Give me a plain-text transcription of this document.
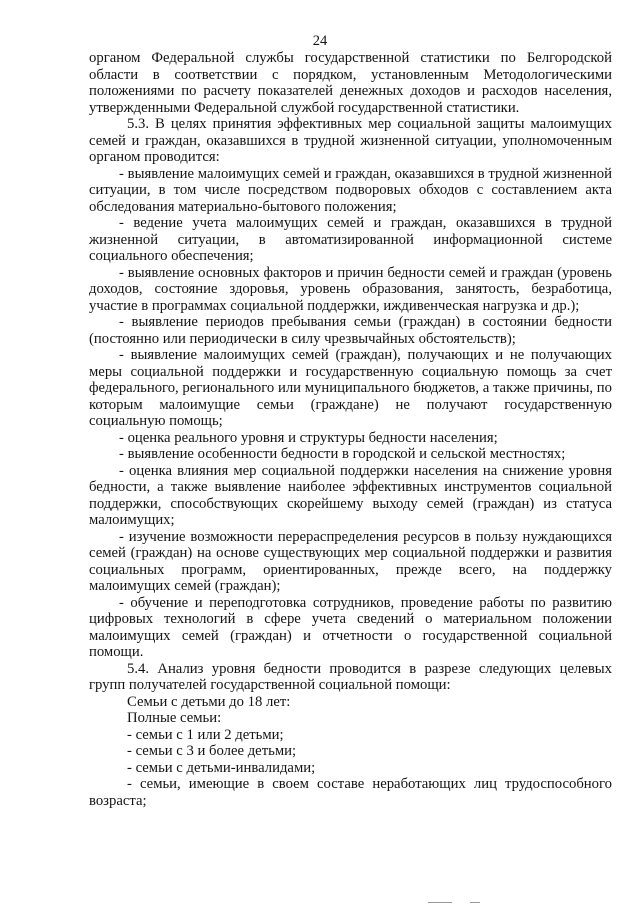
24

органом Федеральной службы государственной статистики по Белгородской области в соответствии с порядком, установленным Методологическими положениями по расчету показателей денежных доходов и расходов населения, утвержденными Федеральной службой государственной статистики.

5.3. В целях принятия эффективных мер социальной защиты малоимущих семей и граждан, оказавшихся в трудной жизненной ситуации, уполномоченным органом проводится:

- выявление малоимущих семей и граждан, оказавшихся в трудной жизненной ситуации, в том числе посредством подворовых обходов с составлением акта обследования материально-бытового положения;

- ведение учета малоимущих семей и граждан, оказавшихся в трудной жизненной ситуации, в автоматизированной информационной системе социального обеспечения;

- выявление основных факторов и причин бедности семей и граждан (уровень доходов, состояние здоровья, уровень образования, занятость, безработица, участие в программах социальной поддержки, иждивенческая нагрузка и др.);

- выявление периодов пребывания семьи (граждан) в состоянии бедности (постоянно или периодически в силу чрезвычайных обстоятельств);

- выявление малоимущих семей (граждан), получающих и не получающих меры социальной поддержки и государственную социальную помощь за счет федерального, регионального или муниципального бюджетов, а также причины, по которым малоимущие семьи (граждане) не получают государственную социальную помощь;

- оценка реального уровня и структуры бедности населения;

- выявление особенности бедности в городской и сельской местностях;

- оценка влияния мер социальной поддержки населения на снижение уровня бедности, а также выявление наиболее эффективных инструментов социальной поддержки, способствующих скорейшему выходу семей (граждан) из статуса малоимущих;

- изучение возможности перераспределения ресурсов в пользу нуждающихся семей (граждан) на основе существующих мер социальной поддержки и развития социальных программ, ориентированных, прежде всего, на поддержку малоимущих семей (граждан);

- обучение и переподготовка сотрудников, проведение работы по развитию цифровых технологий в сфере учета сведений о материальном положении малоимущих семей (граждан) и отчетности о государственной социальной помощи.

5.4. Анализ уровня бедности проводится в разрезе следующих целевых групп получателей государственной социальной помощи:

Семьи с детьми до 18 лет:

Полные семьи:

- семьи с 1 или 2 детьми;

- семьи с 3 и более детьми;

- семьи с детьми-инвалидами;

- семьи, имеющие в своем составе неработающих лиц трудоспособного возраста;
